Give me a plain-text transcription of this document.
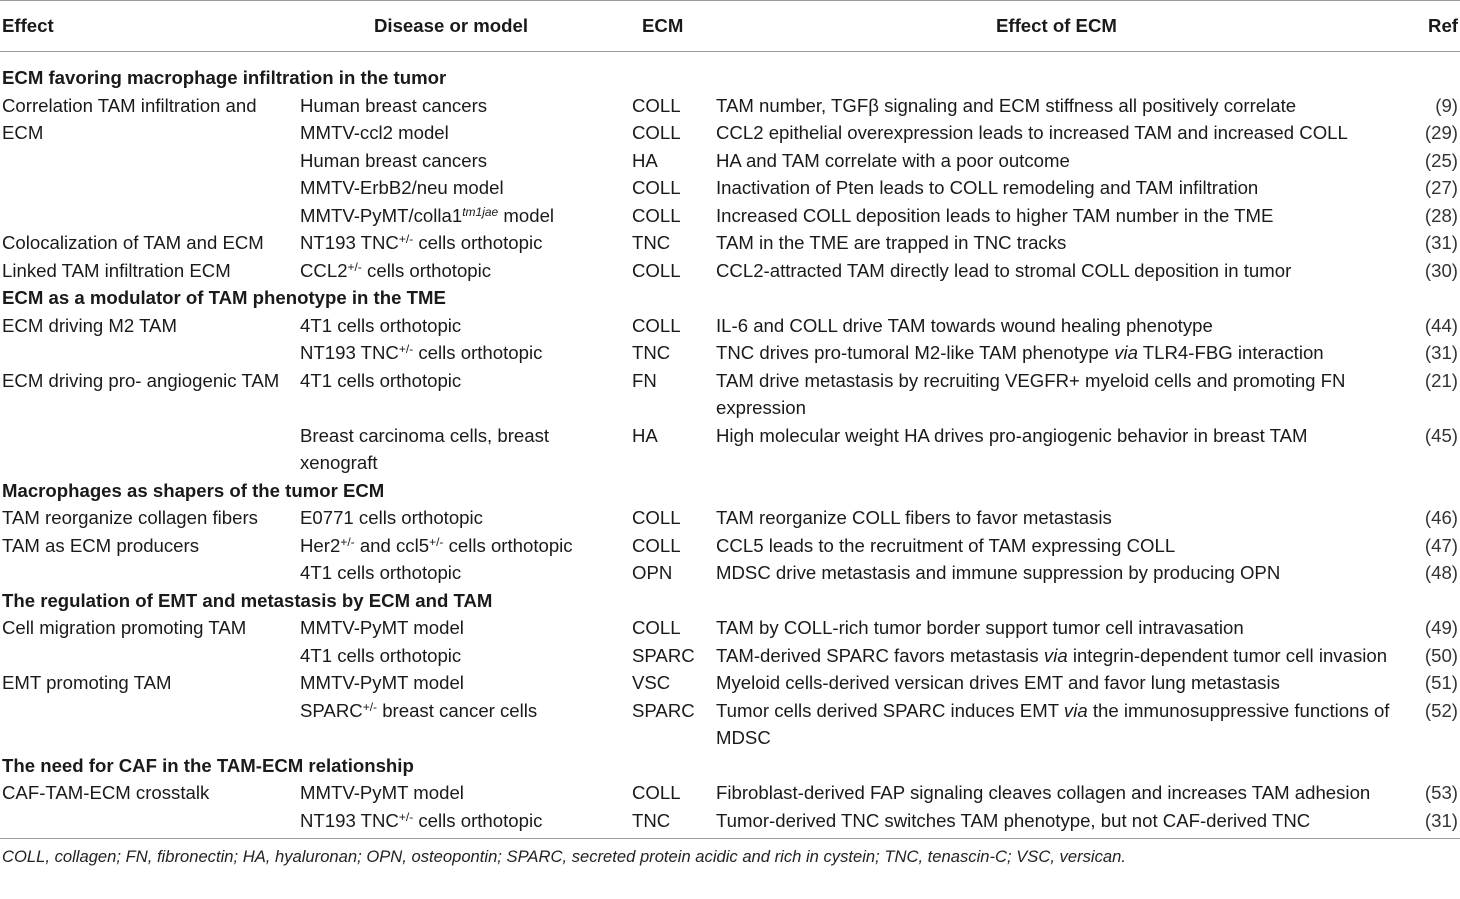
Effect	Disease or model	ECM	Effect of ECM	Ref

ECM favoring macrophage infiltration in the tumor				
Correlation TAM infiltration and ECM	Human breast cancers	COLL	TAM number, TGFβ signaling and ECM stiffness all positively correlate	(9)
	MMTV-ccl2 model	COLL	CCL2 epithelial overexpression leads to increased TAM and increased COLL	(29)
	Human breast cancers	HA	HA and TAM correlate with a poor outcome	(25)
	MMTV-ErbB2/neu model	COLL	Inactivation of Pten leads to COLL remodeling and TAM infiltration	(27)
	MMTV-$PyMT/colla1^{tm1jae}$ model	COLL	Increased COLL deposition leads to higher TAM number in the TME	(28)
Colocalization of TAM and ECM	NT193 TNC+/- cells orthotopic	TNC	TAM in the TME are trapped in TNC tracks	(31)
Linked TAM infiltration ECM	CCL2+/- cells orthotopic	COLL	CCL2-attracted TAM directly lead to stromal COLL deposition in tumor	(30)
ECM as a modulator of TAM phenotype in the TME				
ECM driving M2 TAM	4T1 cells orthotopic	COLL	IL-6 and COLL drive TAM towards wound healing phenotype	(44)
	NT193 TNC+/- cells orthotopic	TNC	TNC drives pro-tumoral M2-like TAM phenotype via TLR4-FBG interaction	(31)
ECM driving pro- angiogenic TAM	4T1 cells orthotopic	FN	TAM drive metastasis by recruiting VEGFR+ myeloid cells and promoting FN expression	(21)
	Breast carcinoma cells, breast xenograft	HA	High molecular weight HA drives pro-angiogenic behavior in breast TAM	(45)
Macrophages as shapers of the tumor ECM				
TAM reorganize collagen fibers	E0771 cells orthotopic	COLL	TAM reorganize COLL fibers to favor metastasis	(46)
TAM as ECM producers	Her2+/- and ccl5+/- cells orthotopic	COLL	CCL5 leads to the recruitment of TAM expressing COLL	(47)
	4T1 cells orthotopic	OPN	MDSC drive metastasis and immune suppression by producing OPN	(48)
The regulation of EMT and metastasis by ECM and TAM				
Cell migration promoting TAM	MMTV-PyMT model	COLL	TAM by COLL-rich tumor border support tumor cell intravasation	(49)
	4T1 cells orthotopic	SPARC	TAM-derived SPARC favors metastasis via integrin-dependent tumor cell invasion	(50)
EMT promoting TAM	MMTV-PyMT model	VSC	Myeloid cells-derived versican drives EMT and favor lung metastasis	(51)
	SPARC+/- breast cancer cells	SPARC	Tumor cells derived SPARC induces EMT via the immunosuppressive functions of MDSC	(52)
The need for CAF in the TAM-ECM relationship				
CAF-TAM-ECM crosstalk	MMTV-PyMT model	COLL	Fibroblast-derived FAP signaling cleaves collagen and increases TAM adhesion	(53)
	NT193 TNC+/- cells orthotopic	TNC	Tumor-derived TNC switches TAM phenotype, but not CAF-derived TNC	(31)
COLL, collagen; FN, fibronectin; HA, hyaluronan; OPN, osteopontin; SPARC, secreted protein acidic and rich in cystein; TNC, tenascin-C; VSC, versican.				
